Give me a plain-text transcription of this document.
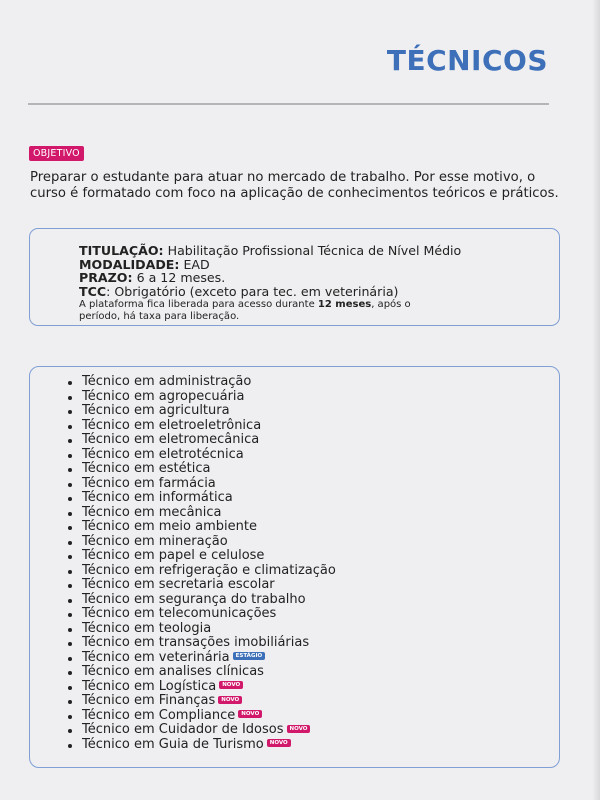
TÉCNICOS
OBJETIVO
Preparar o estudante para atuar no mercado de trabalho. Por esse motivo, o curso é formatado com foco na aplicação de conhecimentos teóricos e práticos.
TITULAÇÃO: Habilitação Profissional Técnica de Nível Médio
MODALIDADE: EAD
PRAZO: 6 a 12 meses.
TCC: Obrigatório (exceto para tec. em veterinária)
A plataforma fica liberada para acesso durante 12 meses, após o
período, há taxa para liberação.
Técnico em administração
Técnico em agropecuária
Técnico em agricultura
Técnico em eletroeletrônica
Técnico em eletromecânica
Técnico em eletrotécnica
Técnico em estética
Técnico em farmácia
Técnico em informática
Técnico em mecânica
Técnico em meio ambiente
Técnico em mineração
Técnico em papel e celulose
Técnico em refrigeração e climatização
Técnico em secretaria escolar
Técnico em segurança do trabalho
Técnico em telecomunicações
Técnico em teologia
Técnico em transações imobiliárias
Técnico em veterinária ESTÁGIO
Técnico em analises clínicas
Técnico em Logística NOVO
Técnico em Finanças NOVO
Técnico em Compliance NOVO
Técnico em Cuidador de Idosos NOVO
Técnico em Guia de Turismo NOVO
